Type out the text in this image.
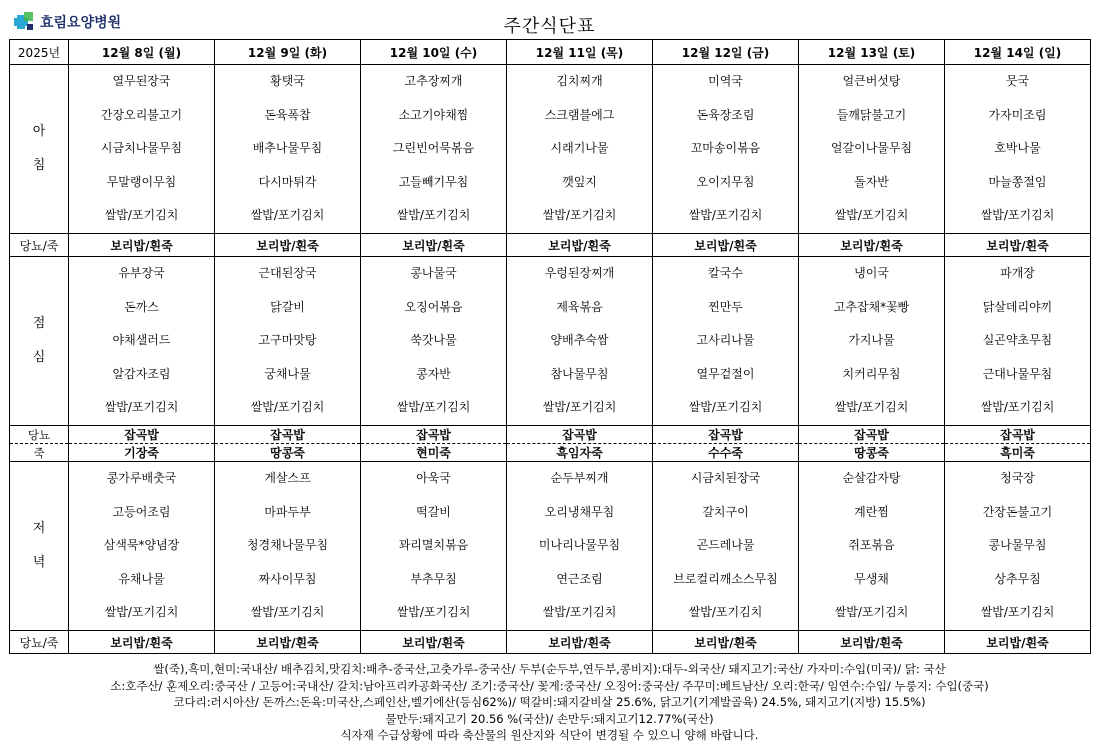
효림요양병원	주간식단표
2025년	12월 8일 (월)	12월 9일 (화)	12월 10일 (수)	12월 11일 (목)	12월 12일 (금)	12월 13일 (토)	12월 14일 (일)

아
침	열무된장국
간장오리불고기
시금치나물무침
무말랭이무침
쌀밥/포기김치	황탯국
돈육폭찹
배추나물무침
다시마튀각
쌀밥/포기김치	고추장찌개
소고기야채찜
그린빈어묵볶음
고들빼기무침
쌀밥/포기김치	김치찌개
스크램블에그
시래기나물
깻잎지
쌀밥/포기김치	미역국
돈육장조림
꼬마송이볶음
오이지무침
쌀밥/포기김치	얼큰버섯탕
들깨닭불고기
얼갈이나물무침
돌자반
쌀밥/포기김치	뭇국
가자미조림
호박나물
마늘쫑절임
쌀밥/포기김치

당뇨/죽	보리밥/흰죽	보리밥/흰죽	보리밥/흰죽	보리밥/흰죽	보리밥/흰죽	보리밥/흰죽	보리밥/흰죽

점
심	유부장국
돈까스
야채샐러드
알감자조림
쌀밥/포기김치	근대된장국
닭갈비
고구마맛탕
궁채나물
쌀밥/포기김치	콩나물국
오징어볶음
쑥갓나물
콩자반
쌀밥/포기김치	우렁된장찌개
제육볶음
양배추숙쌈
참나물무침
쌀밥/포기김치	칼국수
찐만두
고사리나물
열무겉절이
쌀밥/포기김치	냉이국
고추잡채*꽃빵
가지나물
치커리무침
쌀밥/포기김치	파개장
닭살데리야끼
실곤약초무침
근대나물무침
쌀밥/포기김치

당뇨	잡곡밥	잡곡밥	잡곡밥	잡곡밥	잡곡밥	잡곡밥	잡곡밥
죽	기장죽	땅콩죽	현미죽	흑임자죽	수수죽	땅콩죽	흑미죽

저
녁	콩가루배춧국
고등어조림
삼색묵*양념장
유채나물
쌀밥/포기김치	게살스프
마파두부
청경채나물무침
짜사이무침
쌀밥/포기김치	아욱국
떡갈비
꽈리멸치볶음
부추무침
쌀밥/포기김치	순두부찌개
오리냉채무침
미나리나물무침
연근조림
쌀밥/포기김치	시금치된장국
갈치구이
곤드레나물
브로컬리깨소스무침
쌀밥/포기김치	순살감자탕
계란찜
쥐포볶음
무생채
쌀밥/포기김치	청국장
간장돈불고기
콩나물무침
상추무침
쌀밥/포기김치

당뇨/죽	보리밥/흰죽	보리밥/흰죽	보리밥/흰죽	보리밥/흰죽	보리밥/흰죽	보리밥/흰죽	보리밥/흰죽
쌀(죽),흑미,현미:국내산/ 배추김치,맛김치:배추-중국산,고춧가루-중국산/ 두부(순두부,연두부,콩비지):대두-외국산/ 돼지고기:국산/ 가자미:수입(미국)/ 닭: 국산
소:호주산/ 훈제오리:중국산 / 고등어:국내산/ 갈치:남아프리카공화국산/ 조기:중국산/ 꽃게:중국산/ 오징어:중국산/ 주꾸미:베트남산/ 오리:한국/ 임연수:수입/ 누룽지: 수입(중국)
코다리:러시아산/ 돈까스:돈육:미국산,스페인산,벨기에산(등심62%)/ 떡갈비:돼지갈비살 25.6%, 닭고기(기계발골육) 24.5%, 돼지고기(지방) 15.5%)
물만두:돼지고기 20.56 %(국산)/ 손만두:돼지고기12.77%(국산)
식자재 수급상황에 따라 축산물의 원산지와 식단이 변경될 수 있으니 양해 바랍니다.
